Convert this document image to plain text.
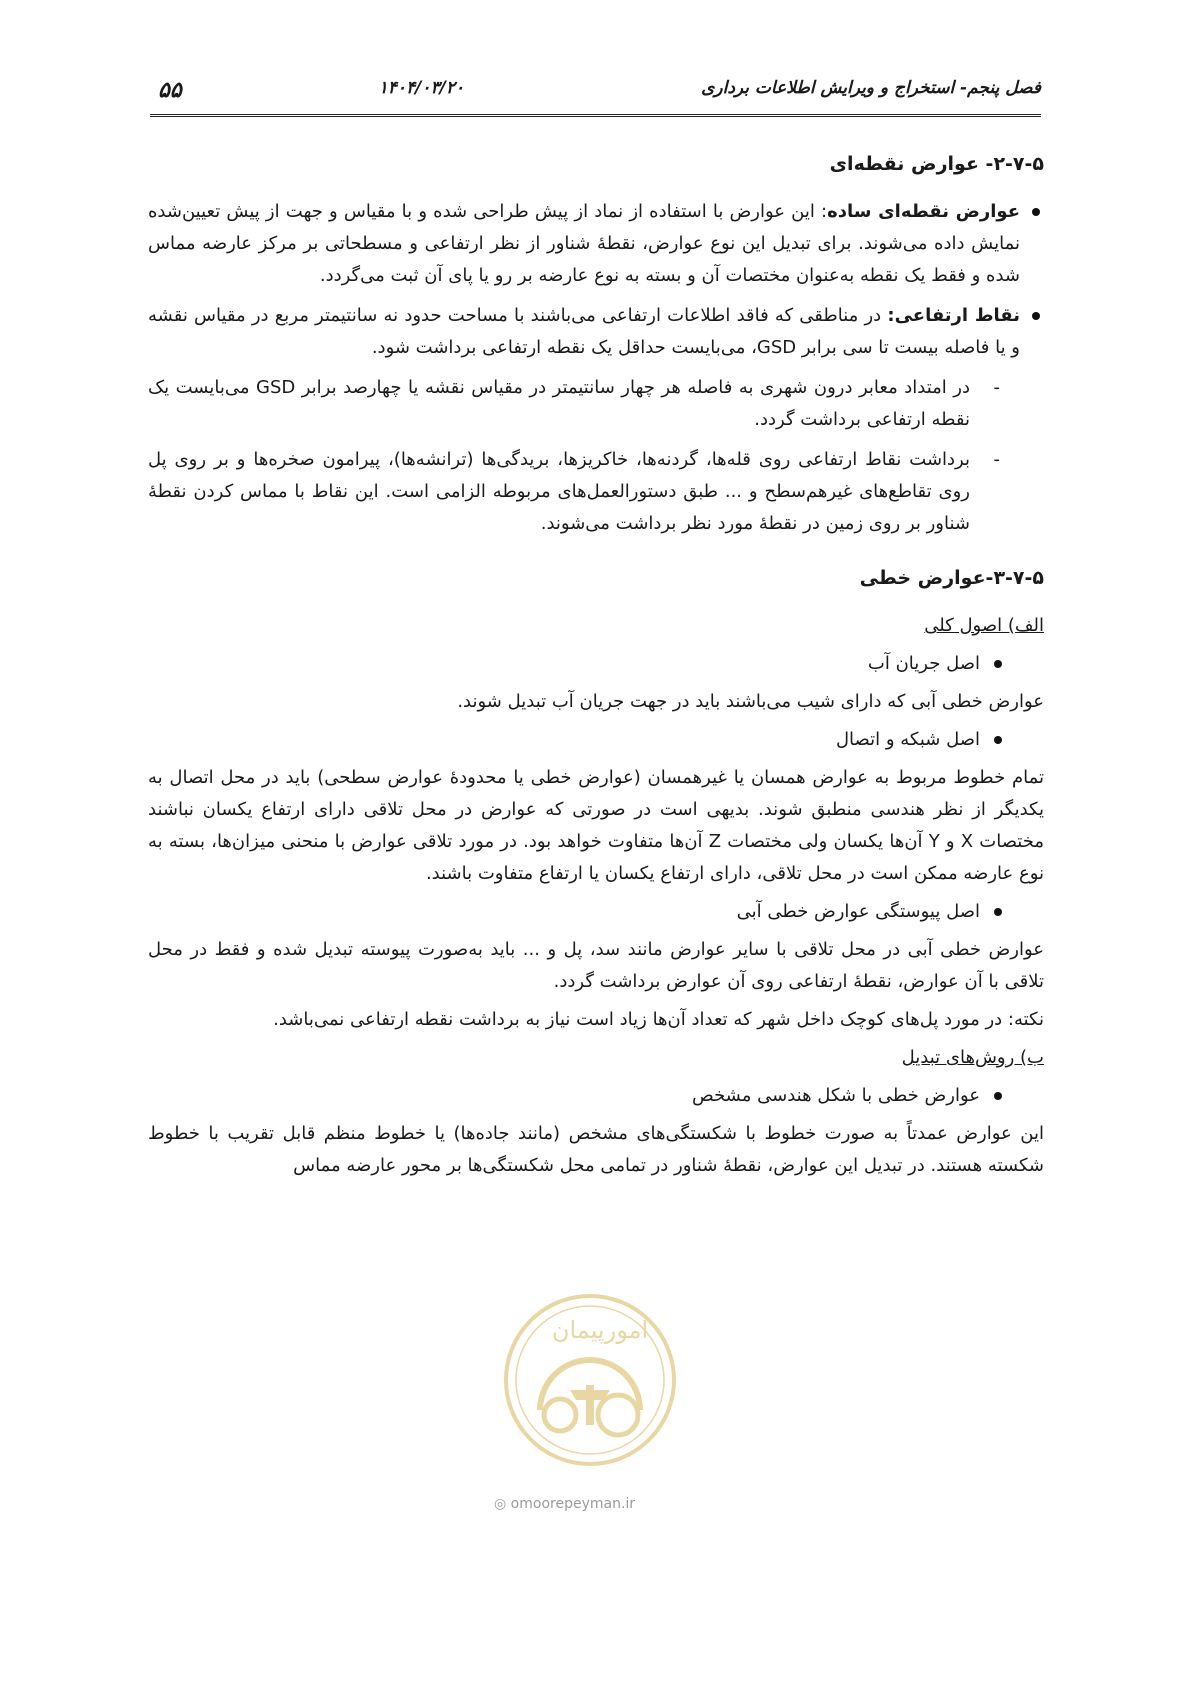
۵۵	۱۴۰۴/۰۳/۲۰	فصل پنجم- استخراج و ویرایش اطلاعات برداری

۲-۷-۵- عوارض نقطه‌ای

عوارض نقطه‌ای ساده: این عوارض با استفاده از نماد از پیش طراحی شده و با مقیاس و جهت از پیش تعیین‌شده نمایش داده می‌شوند. برای تبدیل این نوع عوارض، نقطهٔ شناور از نظر ارتفاعی و مسطحاتی بر مرکز عارضه مماس شده و فقط یک نقطه به‌عنوان مختصات آن و بسته به نوع عارضه بر رو یا پای آن ثبت می‌گردد.
نقاط ارتفاعی: در مناطقی که فاقد اطلاعات ارتفاعی می‌باشند با مساحت حدود نه سانتیمتر مربع در مقیاس نقشه و یا فاصله بیست تا سی برابر GSD، می‌بایست حداقل یک نقطه ارتفاعی برداشت شود.
- در امتداد معابر درون شهری به فاصله هر چهار سانتیمتر در مقیاس نقشه یا چهارصد برابر GSD می‌بایست یک نقطه ارتفاعی برداشت گردد.
- برداشت نقاط ارتفاعی روی قله‌ها، گردنه‌ها، خاکریزها، بریدگی‌ها (ترانشه‌ها)، پیرامون صخره‌ها و بر روی پل روی تقاطع‌های غیرهم‌سطح و ... طبق دستورالعمل‌های مربوطه الزامی است. این نقاط با مماس کردن نقطهٔ شناور بر روی زمین در نقطهٔ مورد نظر برداشت می‌شوند.

۳-۷-۵-عوارض خطی

الف) اصول کلی

اصل جریان آب

عوارض خطی آبی که دارای شیب می‌باشند باید در جهت جریان آب تبدیل شوند.

اصل شبکه و اتصال

تمام خطوط مربوط به عوارض همسان یا غیرهمسان (عوارض خطی یا محدودهٔ عوارض سطحی) باید در محل اتصال به یکدیگر از نظر هندسی منطبق شوند. بدیهی است در صورتی که عوارض در محل تلاقی دارای ارتفاع یکسان نباشند مختصات X و Y آن‌ها یکسان ولی مختصات Z آن‌ها متفاوت خواهد بود. در مورد تلاقی عوارض با منحنی میزان‌ها، بسته به نوع عارضه ممکن است در محل تلاقی، دارای ارتفاع یکسان یا ارتفاع متفاوت باشند.

اصل پیوستگی عوارض خطی آبی

عوارض خطی آبی در محل تلاقی با سایر عوارض مانند سد، پل و ... باید به‌صورت پیوسته تبدیل شده و فقط در محل تلاقی با آن عوارض، نقطهٔ ارتفاعی روی آن عوارض برداشت گردد.

نکته: در مورد پل‌های کوچک داخل شهر که تعداد آن‌ها زیاد است نیاز به برداشت نقطه ارتفاعی نمی‌باشد.

ب) روش‌های تبدیل

عوارض خطی با شکل هندسی مشخص

این عوارض عمدتاً به صورت خطوط با شکستگی‌های مشخص (مانند جاده‌ها) یا خطوط منظم قابل تقریب با خطوط شکسته هستند. در تبدیل این عوارض، نقطهٔ شناور در تمامی محل شکستگی‌ها بر محور عارضه مماس

امورپیمان
◎ omoorepeyman.ir
